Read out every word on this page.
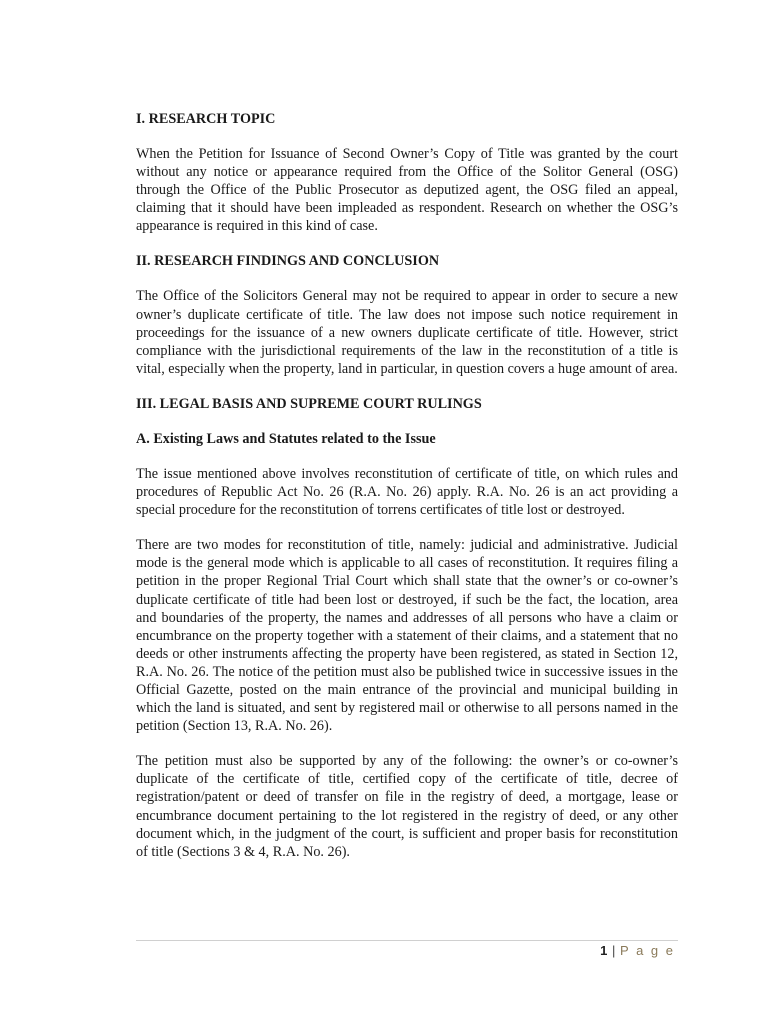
I. RESEARCH TOPIC

When the Petition for Issuance of Second Owner’s Copy of Title was granted by the court without any notice or appearance required from the Office of the Solitor General (OSG) through the Office of the Public Prosecutor as deputized agent, the OSG filed an appeal, claiming that it should have been impleaded as respondent. Research on whether the OSG’s appearance is required in this kind of case.

II. RESEARCH FINDINGS AND CONCLUSION

The Office of the Solicitors General may not be required to appear in order to secure a new owner’s duplicate certificate of title. The law does not impose such notice requirement in proceedings for the issuance of a new owners duplicate certificate of title. However, strict compliance with the jurisdictional requirements of the law in the reconstitution of a title is vital, especially when the property, land in particular, in question covers a huge amount of area.

III. LEGAL BASIS AND SUPREME COURT RULINGS
A. Existing Laws and Statutes related to the Issue

The issue mentioned above involves reconstitution of certificate of title, on which rules and procedures of Republic Act No. 26 (R.A. No. 26) apply. R.A. No. 26 is an act providing a special procedure for the reconstitution of torrens certificates of title lost or destroyed.

There are two modes for reconstitution of title, namely: judicial and administrative. Judicial mode is the general mode which is applicable to all cases of reconstitution. It requires filing a petition in the proper Regional Trial Court which shall state that the owner’s or co-owner’s duplicate certificate of title had been lost or destroyed, if such be the fact, the location, area and boundaries of the property, the names and addresses of all persons who have a claim or encumbrance on the property together with a statement of their claims, and a statement that no deeds or other instruments affecting the property have been registered, as stated in Section 12, R.A. No. 26. The notice of the petition must also be published twice in successive issues in the Official Gazette, posted on the main entrance of the provincial and municipal building in which the land is situated, and sent by registered mail or otherwise to all persons named in the petition (Section 13, R.A. No. 26).

The petition must also be supported by any of the following: the owner’s or co-owner’s duplicate of the certificate of title, certified copy of the certificate of title, decree of registration/patent or deed of transfer on file in the registry of deed, a mortgage, lease or encumbrance document pertaining to the lot registered in the registry of deed, or any other document which, in the judgment of the court, is sufficient and proper basis for reconstitution of title (Sections 3 & 4, R.A. No. 26).

1 | P a g e
